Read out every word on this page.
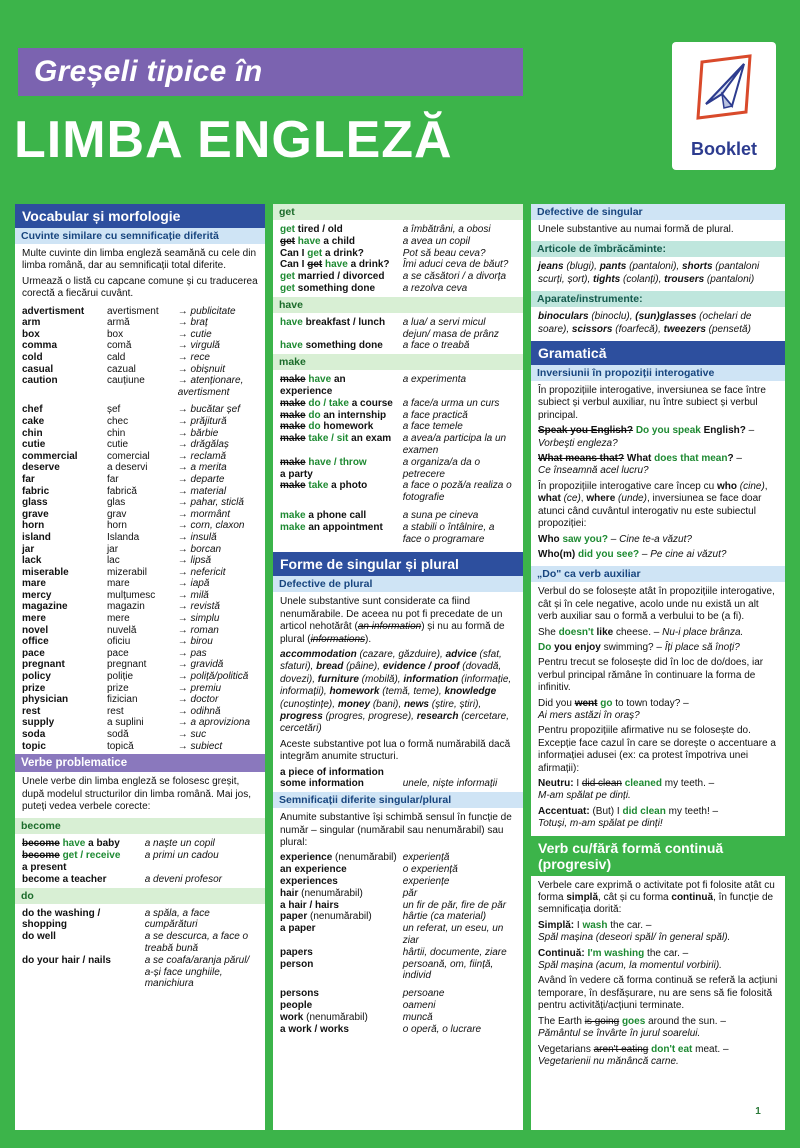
Greșeli tipice în
LIMBA ENGLEZĂ	Booklet
Vocabular și morfologie
Cuvinte similare cu semnificație diferită

Multe cuvinte din limba engleză seamănă cu cele din limba română, dar au semnificații total diferite.

Urmează o listă cu capcane comune și cu traducerea corectă a fiecărui cuvânt.

advertisment	avertisment	→ publicitate
arm	armă	→ braț
box	box	→ cutie
comma	comă	→ virgulă
cold	cald	→ rece
casual	cazual	→ obișnuit
caution	cauțiune	→ atenționare, avertisment

chef	șef	→ bucătar șef
cake	chec	→ prăjitură
chin	chin	→ bărbie
cutie	cutie	→ drăgălaș
commercial	comercial	→ reclamă
deserve	a deservi	→ a merita
far	far	→ departe
fabric	fabrică	→ material
glass	glas	→ pahar, sticlă
grave	grav	→ mormânt
horn	horn	→ corn, claxon
island	Islanda	→ insulă
jar	jar	→ borcan
lack	lac	→ lipsă
miserable	mizerabil	→ nefericit
mare	mare	→ iapă
mercy	mulțumesc	→ milă
magazine	magazin	→ revistă
mere	mere	→ simplu
novel	nuvelă	→ roman
office	oficiu	→ birou
pace	pace	→ pas
pregnant	pregnant	→ gravidă
policy	poliție	→ poliță/politică
prize	prize	→ premiu
physician	fizician	→ doctor
rest	rest	→ odihnă
supply	a suplini	→ a aproviziona
soda	sodă	→ suc
topic	topică	→ subiect

Verbe problematice

Unele verbe din limba engleză se folosesc greșit, după modelul structurilor din limba română. Mai jos, puteți vedea verbele corecte:

become
become have a baby	a naște un copil
become get / receive
a present	a primi un cadou
become a teacher	a deveni profesor
do
do the washing /
shopping	a spăla, a face cumpărături
do well	a se descurca, a face o treabă bună
do your hair / nails	a se coafa/aranja părul/ a-și face unghiile, manichiura
get
get tired / old	a îmbătrâni, a obosi
get have a child	a avea un copil
Can I get a drink?	Pot să beau ceva?
Can I get have a drink?	Îmi aduci ceva de băut?
get married / divorced	a se căsători / a divorța
get something done	a rezolva ceva
have
have breakfast / lunch	a lua/ a servi micul dejun/ masa de prânz
have something done	a face o treabă
make
make have an experience	a experimenta
make do / take a course	a face/a urma un curs
make do an internship	a face practică
make do homework	a face temele
make take / sit an exam	a avea/a participa la un examen
make have / throw
a party	a organiza/a da o petrecere
make take a photo	a face o poză/a realiza o fotografie

make a phone call	a suna pe cineva
make an appointment	a stabili o întâlnire, a face o programare
Forme de singular și plural
Defective de plural

Unele substantive sunt considerate ca fiind nenumărabile. De aceea nu pot fi precedate de un articol nehotărât (an information) și nu au formă de plural (informations).

accommodation (cazare, găzduire), advice (sfat, sfaturi), bread (pâine), evidence / proof (dovadă, dovezi), furniture (mobilă), information (informație, informații), homework (temă, teme), knowledge (cunoștințe), money (bani), news (știre, știri), progress (progres, progrese), research (cercetare, cercetări)

Aceste substantive pot lua o formă numărabilă dacă integrăm anumite structuri.

a piece of information	
some information	unele, niște informații
Semnificații diferite singular/plural

Anumite substantive își schimbă sensul în funcție de număr – singular (numărabil sau nenumărabil) sau plural:

experience (nenumărabil)	experiență
an experience	o experiență
experiences	experiențe
hair (nenumărabil)	păr
a hair / hairs	un fir de păr, fire de păr
paper (nenumărabil)	hârtie (ca material)
a paper	un referat, un eseu, un ziar
papers	hârtii, documente, ziare
person	persoană, om, ființă, individ

persons	persoane
people	oameni
work (nenumărabil)	muncă
a work / works	o operă, o lucrare
Defective de singular

Unele substantive au numai formă de plural.

Articole de îmbrăcăminte:

jeans (blugi), pants (pantaloni), shorts (pantaloni scurți, șort), tights (colanți), trousers (pantaloni)

Aparate/instrumente:

binoculars (binoclu), (sun)glasses (ochelari de soare), scissors (foarfecă), tweezers (pensetă)

Gramatică
Inversiunii în propoziții interogative

În propozițiile interogative, inversiunea se face între subiect și verbul auxiliar, nu între subiect și verbul principal.

Speak you English? Do you speak English? –
Vorbeşti engleza?

What means that? What does that mean? –
Ce înseamnă acel lucru?

În propozițiile interogative care încep cu who (cine), what (ce), where (unde), inversiunea se face doar atunci când cuvântul interogativ nu este subiectul propoziției:

Who saw you? – Cine te-a văzut?

Who(m) did you see? – Pe cine ai văzut?

„Do" ca verb auxiliar

Verbul do se folosește atât în propozițiile interogative, cât și în cele negative, acolo unde nu există un alt verb auxiliar sau o formă a verbului to be (a fi).

She doesn't like cheese. – Nu-i place brânza.

Do you enjoy swimming? – Îți place să înoți?

Pentru trecut se folosește did în loc de do/does, iar verbul principal rămâne în continuare la forma de infinitiv.

Did you went go to town today? –
Ai mers astăzi în oraș?

Pentru propozițiile afirmative nu se folosește do. Excepție face cazul în care se dorește o accentuare a informației adusei (ex: ca protest împotriva unei afirmații):

Neutru: I did clean cleaned my teeth. –
M-am spălat pe dinți.

Accentuat: (But) I did clean my teeth! –
Totuși, m-am spălat pe dinți!

Verb cu/fără formă continuă (progresiv)

Verbele care exprimă o activitate pot fi folosite atât cu forma simplă, cât și cu forma continuă, în funcție de semnificația dorită:

Simplă: I wash the car. –
Spăl mașina (deseori spăl/ în general spăl).

Continuă: I'm washing the car. –
Spăl mașina (acum, la momentul vorbirii).

Având în vedere că forma continuă se referă la acțiuni temporare, în desfășurare, nu are sens să fie folosită pentru activități/acțiuni terminate.

The Earth is going goes around the sun. –
Pământul se învârte în jurul soarelui.

Vegetarians aren't eating don't eat meat. –
Vegetarienii nu mănâncă carne.

1
